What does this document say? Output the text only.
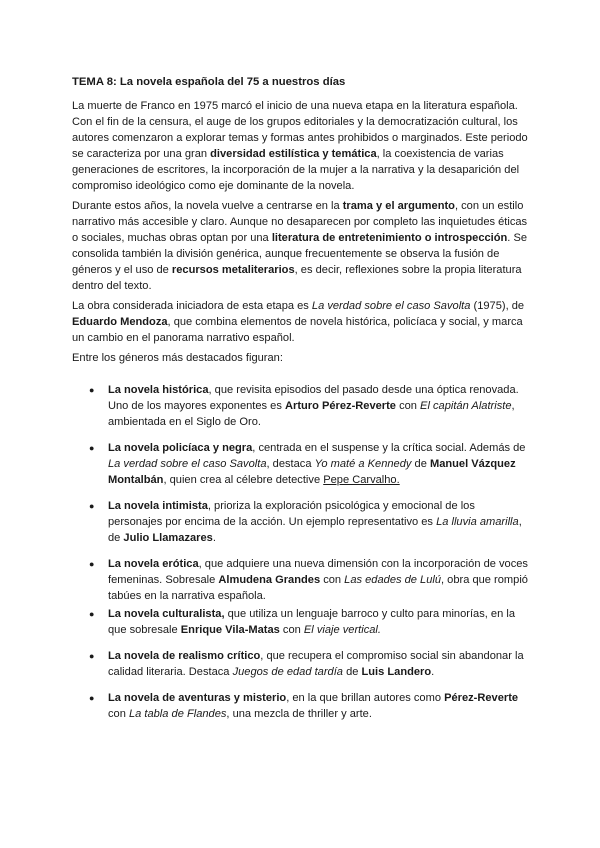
TEMA 8: La novela española del 75 a nuestros días

La muerte de Franco en 1975 marcó el inicio de una nueva etapa en la literatura española. Con el fin de la censura, el auge de los grupos editoriales y la democratización cultural, los autores comenzaron a explorar temas y formas antes prohibidos o marginados. Este periodo se caracteriza por una gran diversidad estilística y temática, la coexistencia de varias generaciones de escritores, la incorporación de la mujer a la narrativa y la desaparición del compromiso ideológico como eje dominante de la novela.

Durante estos años, la novela vuelve a centrarse en la trama y el argumento, con un estilo narrativo más accesible y claro. Aunque no desaparecen por completo las inquietudes éticas o sociales, muchas obras optan por una literatura de entretenimiento o introspección. Se consolida también la división genérica, aunque frecuentemente se observa la fusión de géneros y el uso de recursos metaliterarios, es decir, reflexiones sobre la propia literatura dentro del texto.

La obra considerada iniciadora de esta etapa es La verdad sobre el caso Savolta (1975), de Eduardo Mendoza, que combina elementos de novela histórica, policíaca y social, y marca un cambio en el panorama narrativo español.

Entre los géneros más destacados figuran:

● La novela histórica, que revisita episodios del pasado desde una óptica renovada. Uno de los mayores exponentes es Arturo Pérez-Reverte con El capitán Alatriste, ambientada en el Siglo de Oro.
● La novela policíaca y negra, centrada en el suspense y la crítica social. Además de La verdad sobre el caso Savolta, destaca Yo maté a Kennedy de Manuel Vázquez Montalbán, quien crea al célebre detective Pepe Carvalho.
● La novela intimista, prioriza la exploración psicológica y emocional de los personajes por encima de la acción. Un ejemplo representativo es La lluvia amarilla, de Julio Llamazares.
● La novela erótica, que adquiere una nueva dimensión con la incorporación de voces femeninas. Sobresale Almudena Grandes con Las edades de Lulú, obra que rompió tabúes en la narrativa española.
● La novela culturalista, que utiliza un lenguaje barroco y culto para minorías, en la que sobresale Enrique Vila-Matas con El viaje vertical.
● La novela de realismo crítico, que recupera el compromiso social sin abandonar la calidad literaria. Destaca Juegos de edad tardía de Luis Landero.
● La novela de aventuras y misterio, en la que brillan autores como Pérez-Reverte con La tabla de Flandes, una mezcla de thriller y arte.
